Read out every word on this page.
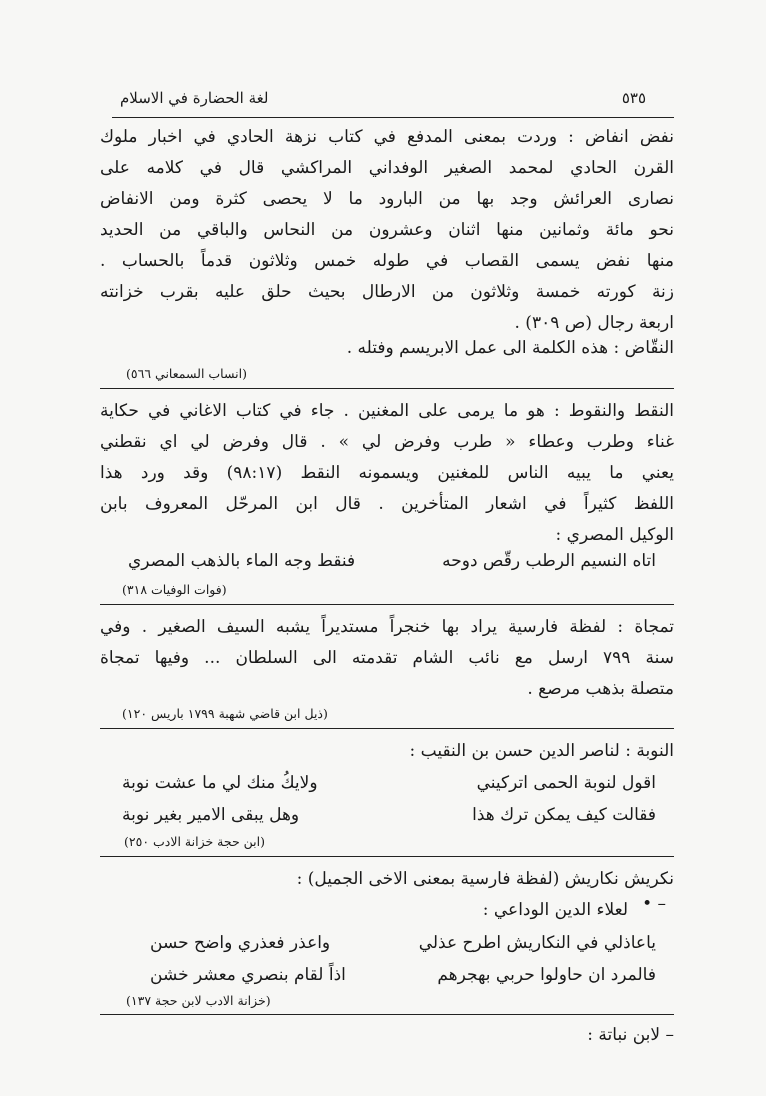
٥٣٥
لغة الحضارة في الاسلام
نفض انفاض : وردت بمعنى المدفع في كتاب نزهة الحادي في اخبار ملوك
القرن الحادي لمحمد الصغير الوفداني المراكشي قال في كلامه على
نصارى العرائش وجد بها من البارود ما لا يحصى كثرة ومن الانفاض
نحو مائة وثمانين منها اثنان وعشرون من النحاس والباقي من الحديد
منها نفض يسمى القصاب في طوله خمس وثلاثون قدماً بالحساب .
زنة كورته خمسة وثلاثون من الارطال بحيث حلق عليه بقرب خزانته
اربعة رجال (ص ٣٠٩) .
النقّاض : هذه الكلمة الى عمل الابريسم وفتله .
(انساب السمعاني ٥٦٦)
النقط والنقوط : هو ما يرمى على المغنين . جاء في كتاب الاغاني في حكاية
غناء وطرب وعطاء « طرب وفرض لي » . قال وفرض لي اي نقطني
يعني ما يبيه الناس للمغنين ويسمونه النقط (٩٨:١٧) وقد ورد هذا
اللفظ كثيراً في اشعار المتأخرين . قال ابن المرحّل المعروف بابن
الوكيل المصري :
اتاه النسيم الرطب رقّص دوحه
فنقط وجه الماء بالذهب المصري
(فوات الوفيات ٣١٨)
تمجاة : لفظة فارسية يراد بها خنجراً مستديراً يشبه السيف الصغير . وفي
سنة ٧٩٩ ارسل مع نائب الشام تقدمته الى السلطان ... وفيها تمجاة
متصلة بذهب مرصع .
(ذيل ابن قاضي شهبة ١٧٩٩ باريس ١٢٠)
النوبة : لناصر الدين حسن بن النقيب :
اقول لنوبة الحمى اتركيني
ولايكُ منك لي ما عشت نوبة
فقالت كيف يمكن ترك هذا
وهل يبقى الامير بغير نوبة
(ابن حجة خزانة الادب ٢٥٠)
نكريش نكاريش (لفظة فارسية بمعنى الاخى الجميل) :
لعلاء الدين الوداعي : – •
ياعاذلي في النكاريش اطرح عذلي
واعذر فعذري واضح حسن
فالمرد ان حاولوا حربي بهجرهم
اذاً لقام بنصري معشر خشن
(خزانة الادب لابن حجة ١٣٧)
– لابن نباتة :
